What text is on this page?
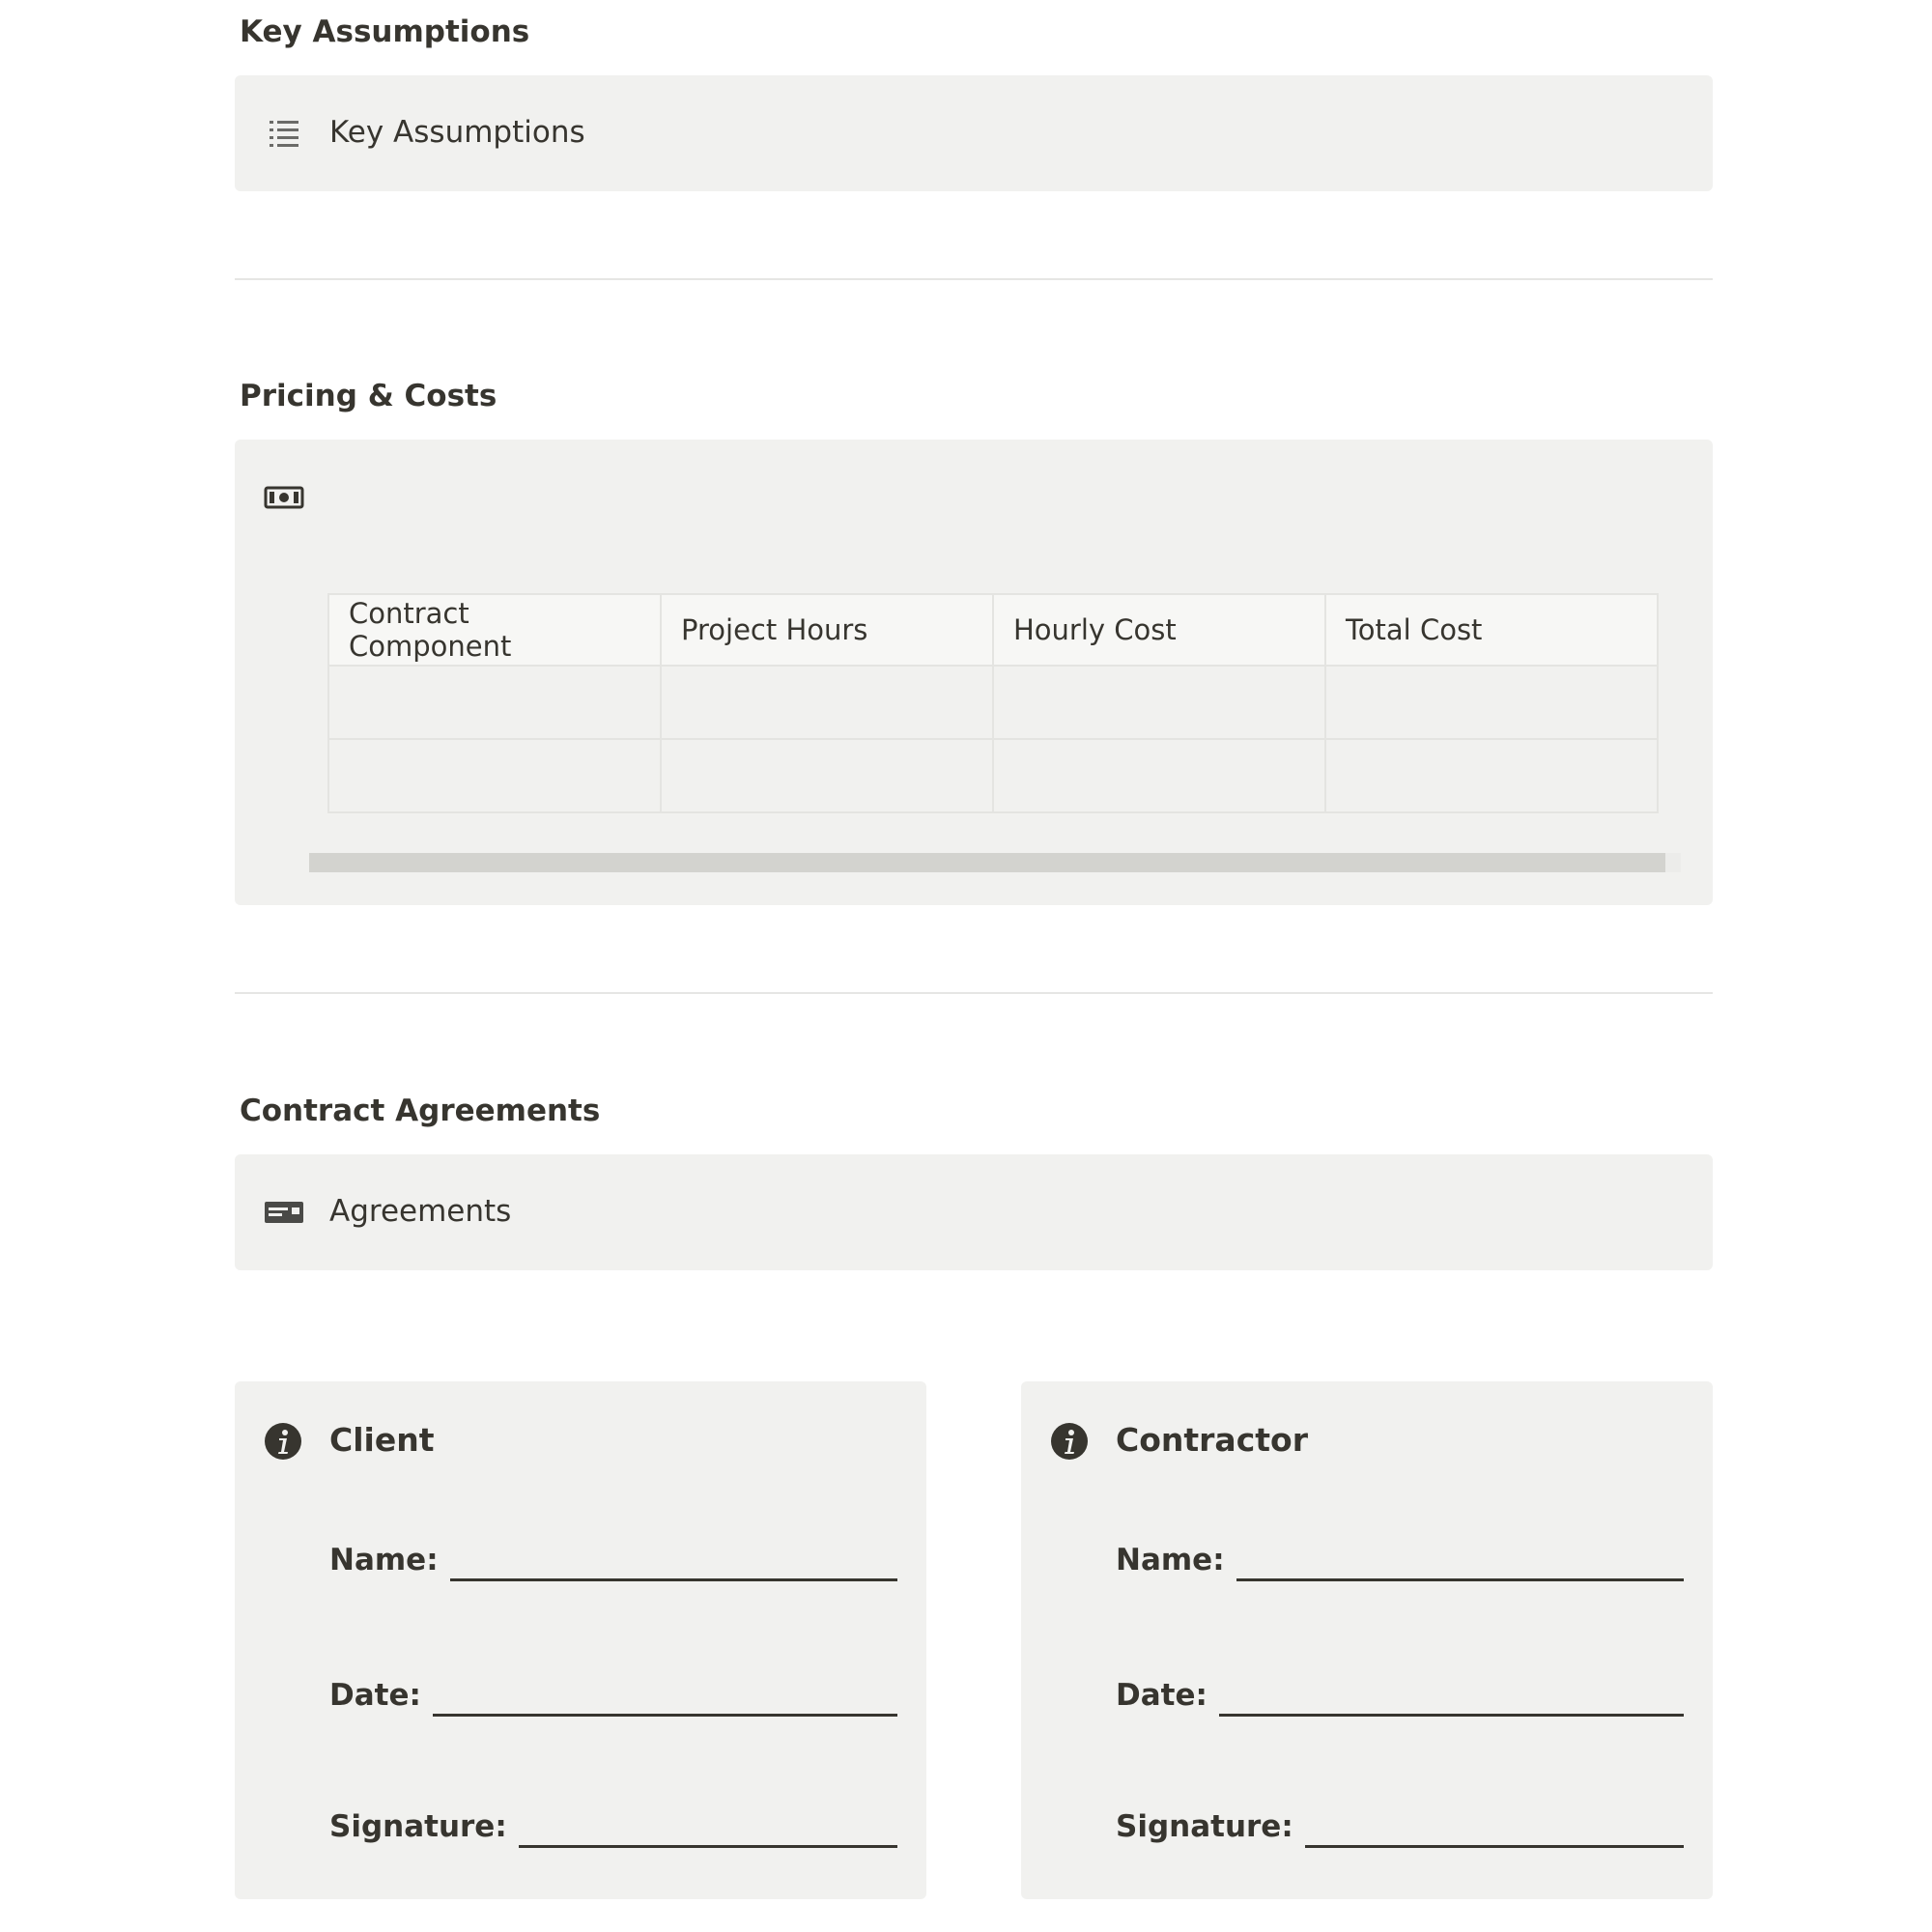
Key Assumptions
Key Assumptions
Pricing & Costs
Contract Component	Project Hours	Hourly Cost	Total Cost

Contract Agreements
Agreements
Client
Name:
Date:
Signature:
Contractor
Name:
Date:
Signature:
